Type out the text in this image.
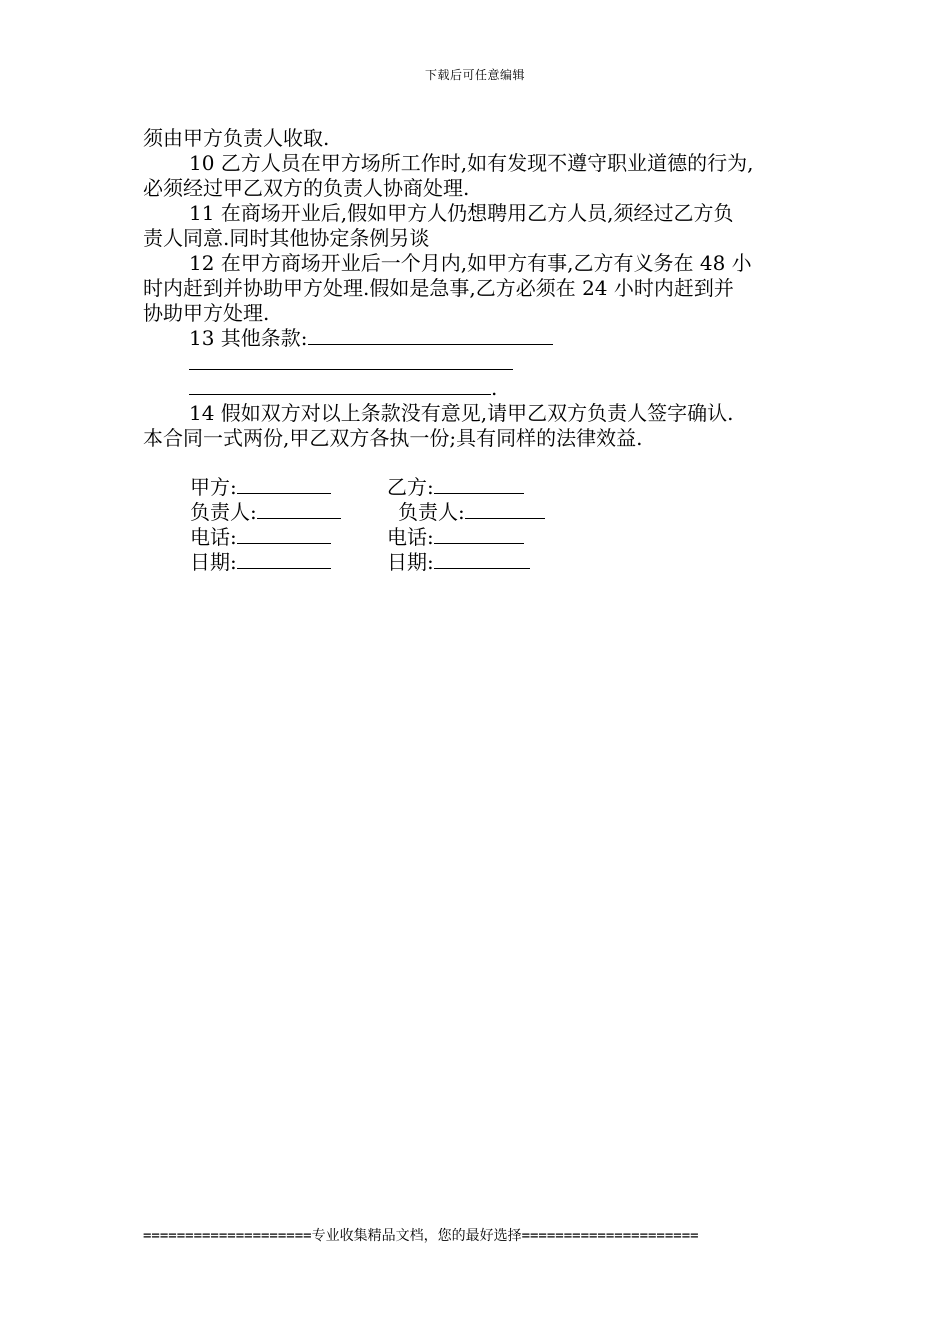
下载后可任意编辑
须由甲方负责人收取.
10 乙方人员在甲方场所工作时,如有发现不遵守职业道德的行为,
必须经过甲乙双方的负责人协商处理.
11 在商场开业后,假如甲方人仍想聘用乙方人员,须经过乙方负
责人同意.同时其他协定条例另谈
12 在甲方商场开业后一个月内,如甲方有事,乙方有义务在 48 小
时内赶到并协助甲方处理.假如是急事,乙方必须在 24 小时内赶到并
协助甲方处理.
13 其他条款:
.
14 假如双方对以上条款没有意见,请甲乙双方负责人签字确认.
本合同一式两份,甲乙双方各执一份;具有同样的法律效益.
甲方:	乙方:
负责人:	负责人:
电话:	电话:
日期:	日期:
====================专业收集精品文档，您的最好选择=====================
